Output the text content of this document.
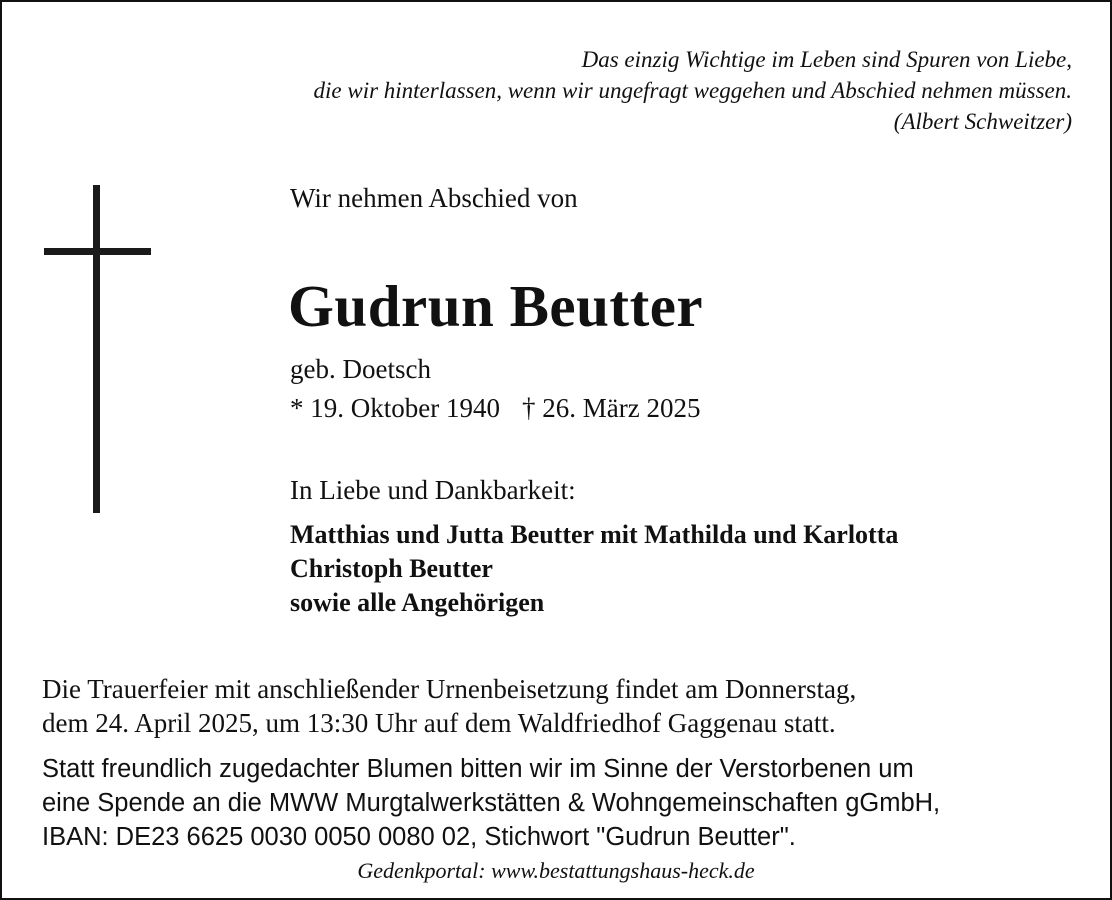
Das einzig Wichtige im Leben sind Spuren von Liebe,
die wir hinterlassen, wenn wir ungefragt weggehen und Abschied nehmen müssen.
(Albert Schweitzer)
Wir nehmen Abschied von
Gudrun Beutter
geb. Doetsch
* 19. Oktober 1940 † 26. März 2025
In Liebe und Dankbarkeit:
Matthias und Jutta Beutter mit Mathilda und Karlotta
Christoph Beutter
sowie alle Angehörigen
Die Trauerfeier mit anschließender Urnenbeisetzung findet am Donnerstag,
dem 24. April 2025, um 13:30 Uhr auf dem Waldfriedhof Gaggenau statt.
Statt freundlich zugedachter Blumen bitten wir im Sinne der Verstorbenen um
eine Spende an die MWW Murgtalwerkstätten & Wohngemeinschaften gGmbH,
IBAN: DE23 6625 0030 0050 0080 02, Stichwort "Gudrun Beutter".
Gedenkportal: www.bestattungshaus-heck.de
